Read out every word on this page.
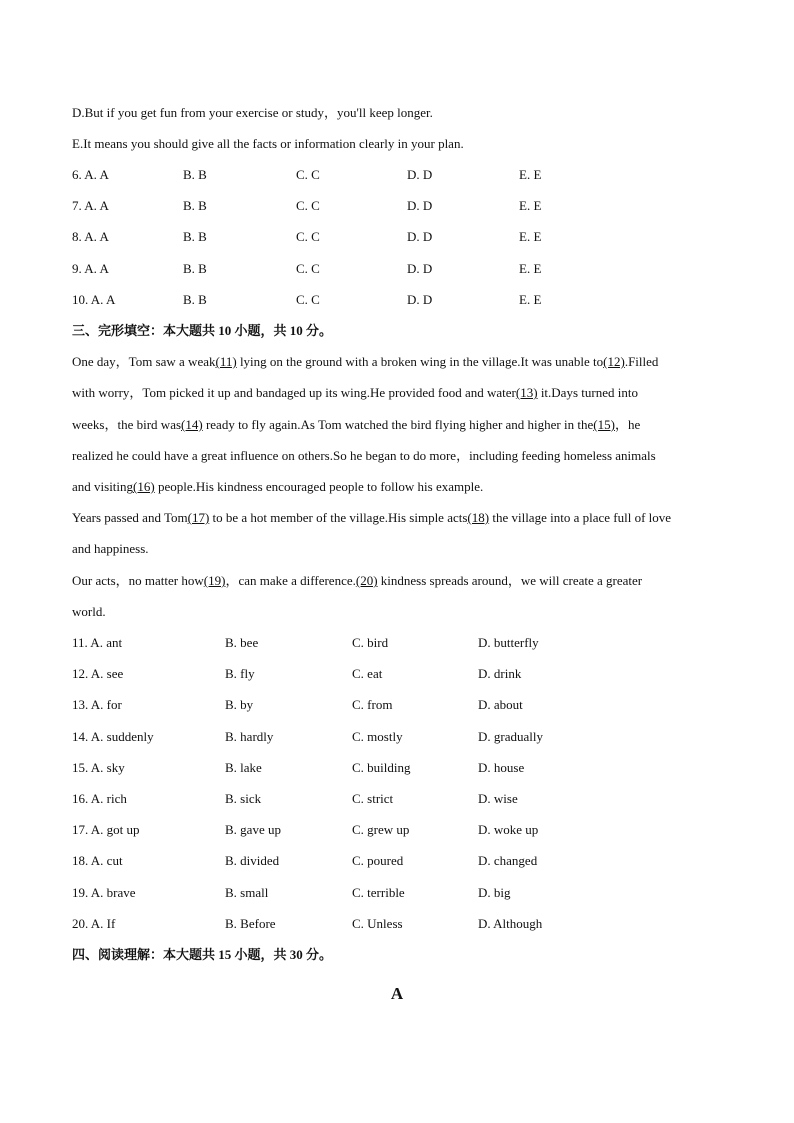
D.But if you get fun from your exercise or study，you'll keep longer.
E.It means you should give all the facts or information clearly in your plan.
6. A. A	B. B	C. C	D. D	E. E
7. A. A	B. B	C. C	D. D	E. E
8. A. A	B. B	C. C	D. D	E. E
9. A. A	B. B	C. C	D. D	E. E
10. A. A	B. B	C. C	D. D	E. E
三、完形填空：本大题共 10 小题，共 10 分。
One day，Tom saw a weak(11) lying on the ground with a broken wing in the village.It was unable to(12).Filled
with worry，Tom picked it up and bandaged up its wing.He provided food and water(13) it.Days turned into
weeks，the bird was(14) ready to fly again.As Tom watched the bird flying higher and higher in the(15)，he
realized he could have a great influence on others.So he began to do more，including feeding homeless animals
and visiting(16) people.His kindness encouraged people to follow his example.
Years passed and Tom(17) to be a hot member of the village.His simple acts(18) the village into a place full of love
and happiness.
Our acts，no matter how(19)，can make a difference.(20) kindness spreads around，we will create a greater
world.
11. A. ant	B. bee	C. bird	D. butterfly
12. A. see	B. fly	C. eat	D. drink
13. A. for	B. by	C. from	D. about
14. A. suddenly	B. hardly	C. mostly	D. gradually
15. A. sky	B. lake	C. building	D. house
16. A. rich	B. sick	C. strict	D. wise
17. A. got up	B. gave up	C. grew up	D. woke up
18. A. cut	B. divided	C. poured	D. changed
19. A. brave	B. small	C. terrible	D. big
20. A. If	B. Before	C. Unless	D. Although
四、阅读理解：本大题共 15 小题，共 30 分。
A
